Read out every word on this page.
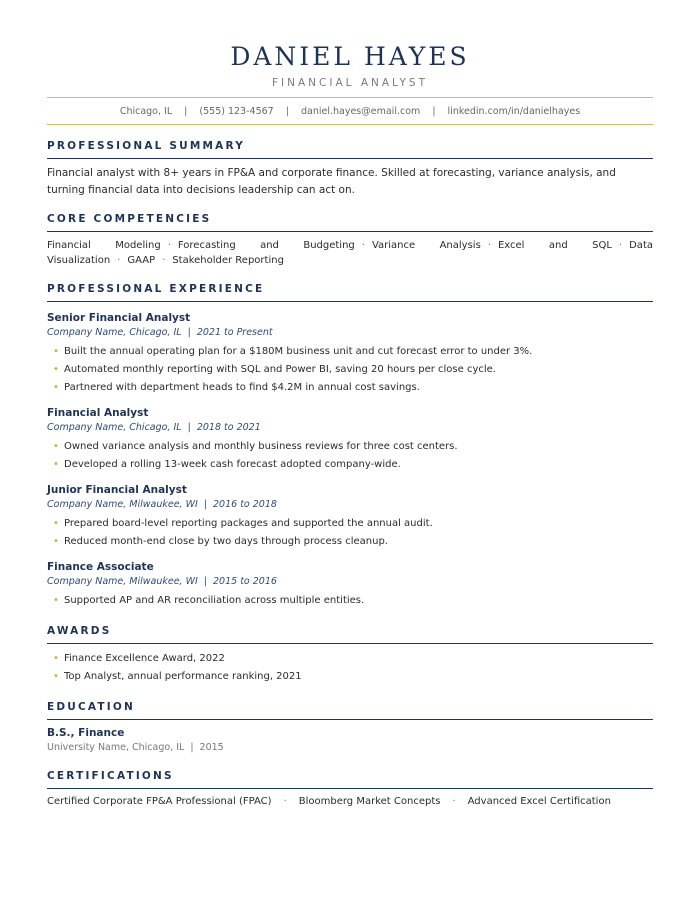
DANIEL HAYES
FINANCIAL ANALYST
Chicago, IL | (555) 123-4567 | daniel.hayes@email.com | linkedin.com/in/danielhayes
PROFESSIONAL SUMMARY

Financial analyst with 8+ years in FP&A and corporate finance. Skilled at forecasting, variance analysis, and turning financial data into decisions leadership can act on.

CORE COMPETENCIES
Financial Modeling · Forecasting and Budgeting · Variance Analysis · Excel and SQL · Data Visualization · GAAP · Stakeholder Reporting
PROFESSIONAL EXPERIENCE
Senior Financial Analyst
Company Name, Chicago, IL | 2021 to Present
• Built the annual operating plan for a $180M business unit and cut forecast error to under 3%.
• Automated monthly reporting with SQL and Power BI, saving 20 hours per close cycle.
• Partnered with department heads to find $4.2M in annual cost savings.
Financial Analyst
Company Name, Chicago, IL | 2018 to 2021
• Owned variance analysis and monthly business reviews for three cost centers.
• Developed a rolling 13-week cash forecast adopted company-wide.
Junior Financial Analyst
Company Name, Milwaukee, WI | 2016 to 2018
• Prepared board-level reporting packages and supported the annual audit.
• Reduced month-end close by two days through process cleanup.
Finance Associate
Company Name, Milwaukee, WI | 2015 to 2016
• Supported AP and AR reconciliation across multiple entities.
AWARDS
• Finance Excellence Award, 2022
• Top Analyst, annual performance ranking, 2021
EDUCATION
B.S., Finance
University Name, Chicago, IL | 2015
CERTIFICATIONS
Certified Corporate FP&A Professional (FPAC) · Bloomberg Market Concepts · Advanced Excel Certification
